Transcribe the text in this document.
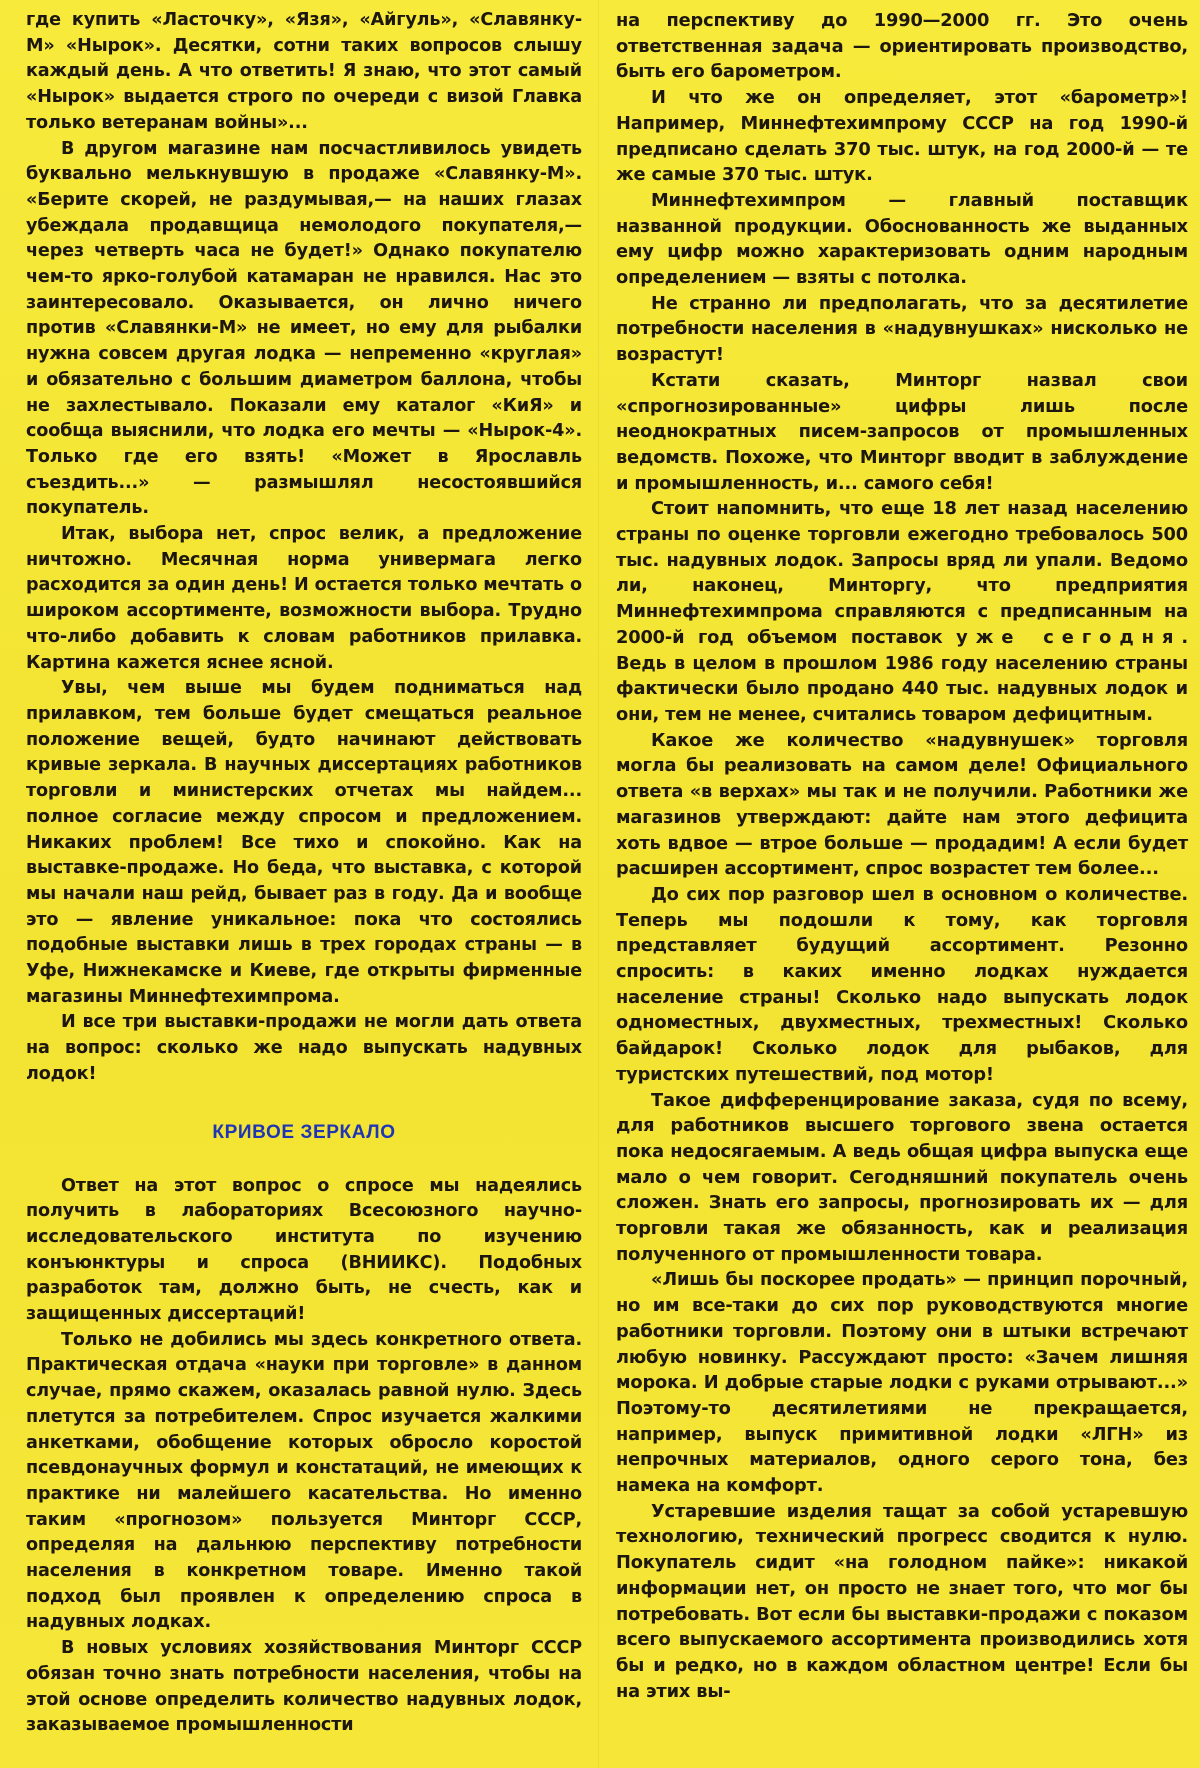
где купить «Ласточку», «Язя», «Айгуль», «Славянку-М» «Нырок». Десятки, сотни таких вопросов слышу каждый день. А что ответить! Я знаю, что этот самый «Нырок» выдается строго по очереди с визой Главка только ветеранам войны»...

В другом магазине нам посчастливилось увидеть буквально мелькнувшую в продаже «Славянку-М». «Берите скорей, не раздумывая,— на наших глазах убеждала продавщица немолодого покупателя,— через четверть часа не будет!» Однако покупателю чем-то ярко-голубой катамаран не нравился. Нас это заинтересовало. Оказывается, он лично ничего против «Славянки-М» не имеет, но ему для рыбалки нужна совсем другая лодка — непременно «круглая» и обязательно с большим диаметром баллона, чтобы не захлестывало. Показали ему каталог «КиЯ» и сообща выяснили, что лодка его мечты — «Нырок-4». Только где его взять! «Может в Ярославль съездить...» — размышлял несостоявшийся покупатель.

Итак, выбора нет, спрос велик, а предложение ничтожно. Месячная норма универмага легко расходится за один день! И остается только мечтать о широком ассортименте, возможности выбора. Трудно что-либо добавить к словам работников прилавка. Картина кажется яснее ясной.

Увы, чем выше мы будем подниматься над прилавком, тем больше будет смещаться реальное положение вещей, будто начинают действовать кривые зеркала. В научных диссертациях работников торговли и министерских отчетах мы найдем... полное согласие между спросом и предложением. Никаких проблем! Все тихо и спокойно. Как на выставке-продаже. Но беда, что выставка, с которой мы начали наш рейд, бывает раз в году. Да и вообще это — явление уникальное: пока что состоялись подобные выставки лишь в трех городах страны — в Уфе, Нижнекамске и Киеве, где открыты фирменные магазины Миннефтехимпрома.

И все три выставки-продажи не могли дать ответа на вопрос: сколько же надо выпускать надувных лодок!

КРИВОЕ ЗЕРКАЛО

Ответ на этот вопрос о спросе мы надеялись получить в лабораториях Всесоюзного научно-исследовательского института по изучению конъюнктуры и спроса (ВНИИКС). Подобных разработок там, должно быть, не счесть, как и защищенных диссертаций!

Только не добились мы здесь конкретного ответа. Практическая отдача «науки при торговле» в данном случае, прямо скажем, оказалась равной нулю. Здесь плетутся за потребителем. Спрос изучается жалкими анкетками, обобщение которых обросло коростой псевдонаучных формул и констатаций, не имеющих к практике ни малейшего касательства. Но именно таким «прогнозом» пользуется Минторг СССР, определяя на дальнюю перспективу потребности населения в конкретном товаре. Именно такой подход был проявлен к определению спроса в надувных лодках.

В новых условиях хозяйствования Минторг СССР обязан точно знать потребности населения, чтобы на этой основе определить количество надувных лодок, заказываемое промышленности

на перспективу до 1990—2000 гг. Это очень ответственная задача — ориентировать производство, быть его барометром.

И что же он определяет, этот «барометр»! Например, Миннефтехимпрому СССР на год 1990-й предписано сделать 370 тыс. штук, на год 2000-й — те же самые 370 тыс. штук.

Миннефтехимпром — главный поставщик названной продукции. Обоснованность же выданных ему цифр можно характеризовать одним народным определением — взяты с потолка.

Не странно ли предполагать, что за десятилетие потребности населения в «надувнушках» нисколько не возрастут!

Кстати сказать, Минторг назвал свои «спрогнозированные» цифры лишь после неоднократных писем-запросов от промышленных ведомств. Похоже, что Минторг вводит в заблуждение и промышленность, и... самого себя!

Стоит напомнить, что еще 18 лет назад населению страны по оценке торговли ежегодно требовалось 500 тыс. надувных лодок. Запросы вряд ли упали. Ведомо ли, наконец, Минторгу, что предприятия Миннефтехимпрома справляются с предписанным на 2000-й год объемом поставок уже сегодня. Ведь в целом в прошлом 1986 году населению страны фактически было продано 440 тыс. надувных лодок и они, тем не менее, считались товаром дефицитным.

Какое же количество «надувнушек» торговля могла бы реализовать на самом деле! Официального ответа «в верхах» мы так и не получили. Работники же магазинов утверждают: дайте нам этого дефицита хоть вдвое — втрое больше — продадим! А если будет расширен ассортимент, спрос возрастет тем более...

До сих пор разговор шел в основном о количестве. Теперь мы подошли к тому, как торговля представляет будущий ассортимент. Резонно спросить: в каких именно лодках нуждается население страны! Сколько надо выпускать лодок одноместных, двухместных, трехместных! Сколько байдарок! Сколько лодок для рыбаков, для туристских путешествий, под мотор!

Такое дифференцирование заказа, судя по всему, для работников высшего торгового звена остается пока недосягаемым. А ведь общая цифра выпуска еще мало о чем говорит. Сегодняшний покупатель очень сложен. Знать его запросы, прогнозировать их — для торговли такая же обязанность, как и реализация полученного от промышленности товара.

«Лишь бы поскорее продать» — принцип порочный, но им все-таки до сих пор руководствуются многие работники торговли. Поэтому они в штыки встречают любую новинку. Рассуждают просто: «Зачем лишняя морока. И добрые старые лодки с руками отрывают...» Поэтому-то десятилетиями не прекращается, например, выпуск примитивной лодки «ЛГН» из непрочных материалов, одного серого тона, без намека на комфорт.

Устаревшие изделия тащат за собой устаревшую технологию, технический прогресс сводится к нулю. Покупатель сидит «на голодном пайке»: никакой информации нет, он просто не знает того, что мог бы потребовать. Вот если бы выставки-продажи с показом всего выпускаемого ассортимента производились хотя бы и редко, но в каждом областном центре! Если бы на этих вы-
